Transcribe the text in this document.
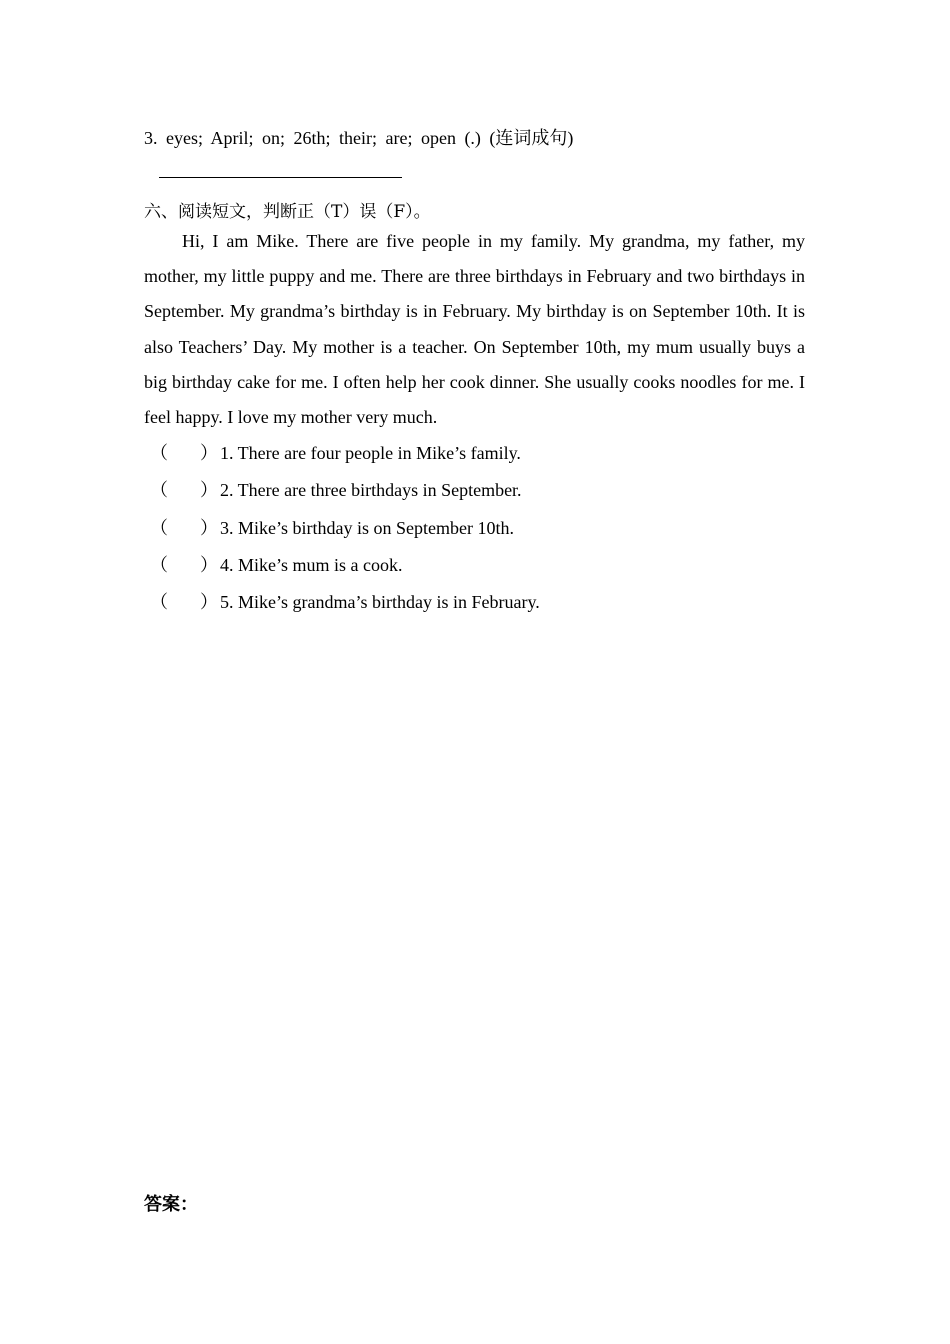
3. eyes; April; on; 26th; their; are; open (.) (连词成句)
六、阅读短文，判断正（T）误（F）。

Hi, I am Mike. There are five people in my family. My grandma, my father, my mother, my little puppy and me. There are three birthdays in February and two birthdays in September. My grandma’s birthday is in February. My birthday is on September 10th. It is also Teachers’ Day. My mother is a teacher. On September 10th, my mum usually buys a big birthday cake for me. I often help her cook dinner. She usually cooks noodles for me. I feel happy. I love my mother very much.

（	） 1. There are four people in Mike’s family.
（	） 2. There are three birthdays in September.
（	） 3. Mike’s birthday is on September 10th.
（	） 4. Mike’s mum is a cook.
（	） 5. Mike’s grandma’s birthday is in February.
答案：
